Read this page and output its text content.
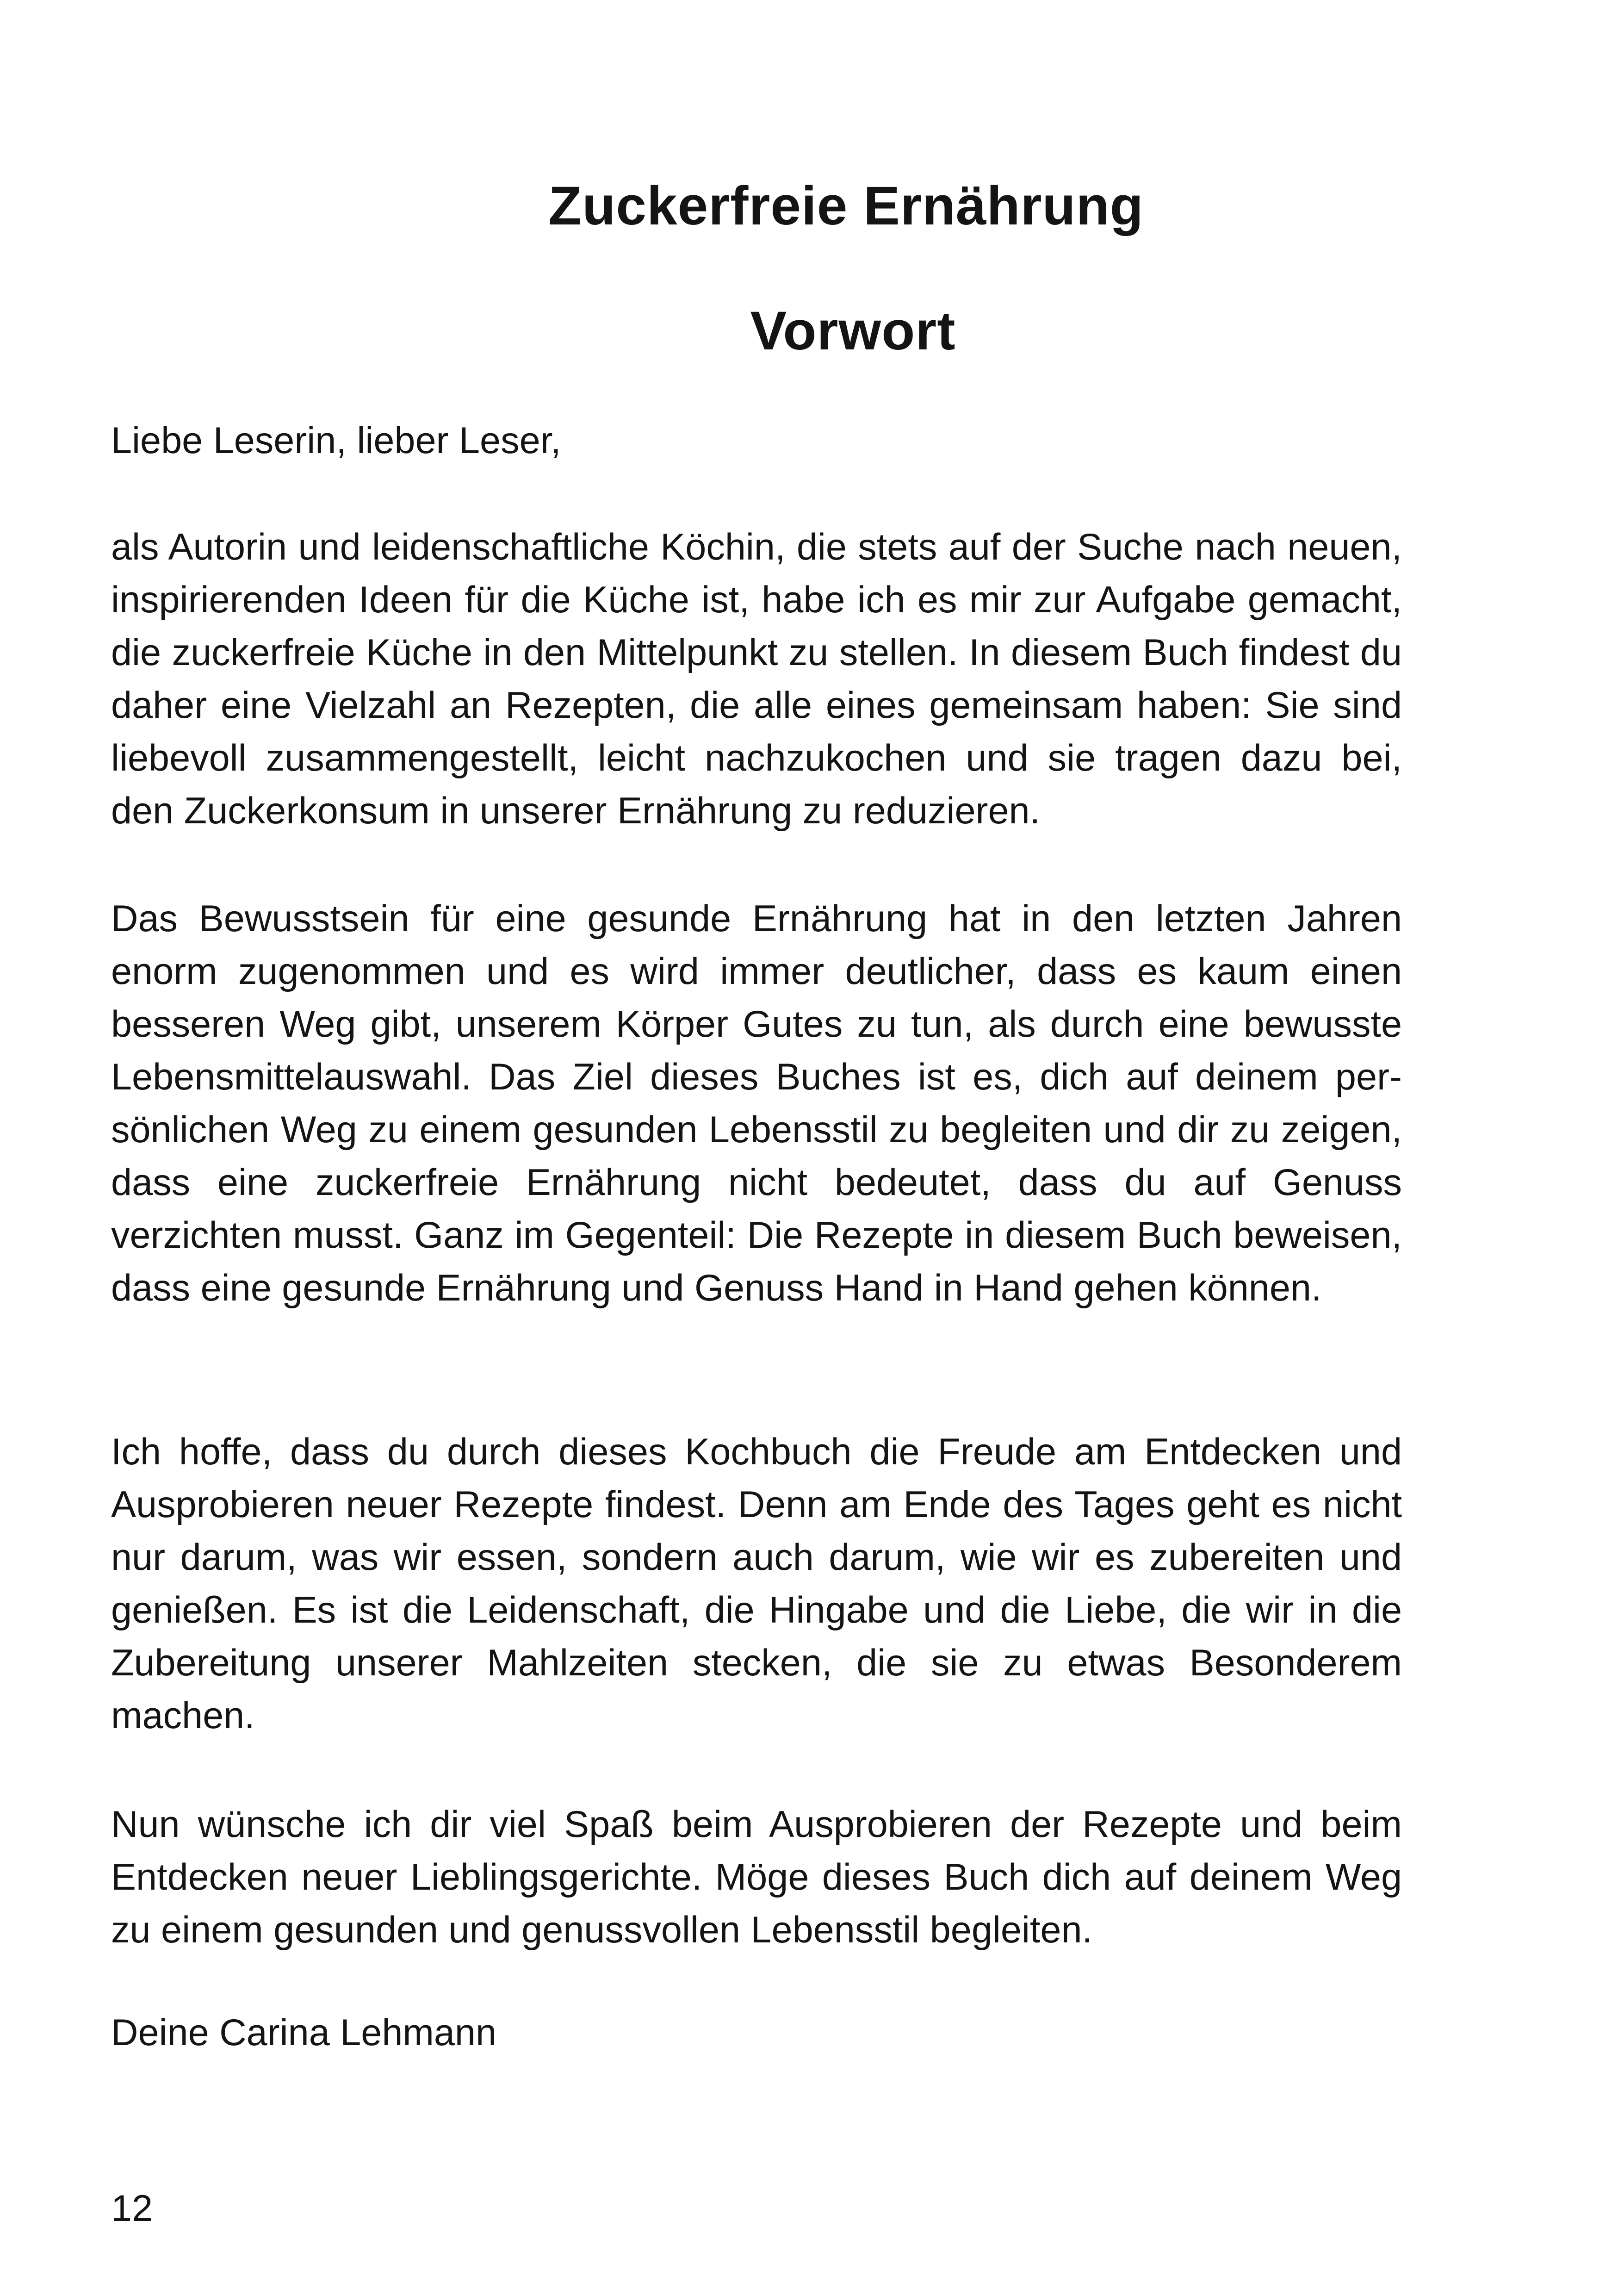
Zuckerfreie Ernährung
Vorwort

Liebe Leserin, lieber Leser,

als Autorin und leidenschaftliche Köchin, die stets auf der Suche nach neuen, inspirierenden Ideen für die Küche ist, habe ich es mir zur Aufgabe gemacht, die zuckerfreie Küche in den Mittelpunkt zu stellen. In diesem Buch findest du daher eine Vielzahl an Rezepten, die alle eines gemeinsam haben: Sie sind liebevoll zusammengestellt, leicht nachzukochen und sie tragen dazu bei, den Zuckerkonsum in unserer Ernährung zu reduzieren.

Das Bewusstsein für eine gesunde Ernährung hat in den letzten Jahren enorm zugenommen und es wird immer deutlicher, dass es kaum einen besseren Weg gibt, unserem Körper Gutes zu tun, als durch eine bewusste Lebensmittelauswahl. Das Ziel dieses Buches ist es, dich auf deinem persönlichen Weg zu einem gesunden Lebensstil zu begleiten und dir zu zeigen, dass eine zuckerfreie Ernährung nicht bedeutet, dass du auf Genuss verzichten musst. Ganz im Gegenteil: Die Rezepte in diesem Buch beweisen, dass eine gesunde Ernährung und Genuss Hand in Hand gehen können.

Ich hoffe, dass du durch dieses Kochbuch die Freude am Entdecken und Ausprobieren neuer Rezepte findest. Denn am Ende des Tages geht es nicht nur darum, was wir essen, sondern auch darum, wie wir es zubereiten und genießen. Es ist die Leidenschaft, die Hingabe und die Liebe, die wir in die Zubereitung unserer Mahlzeiten stecken, die sie zu etwas Besonderem machen.

Nun wünsche ich dir viel Spaß beim Ausprobieren der Rezepte und beim Entdecken neuer Lieblingsgerichte. Möge dieses Buch dich auf deinem Weg zu einem gesunden und genussvollen Lebensstil begleiten.

Deine Carina Lehmann

12
